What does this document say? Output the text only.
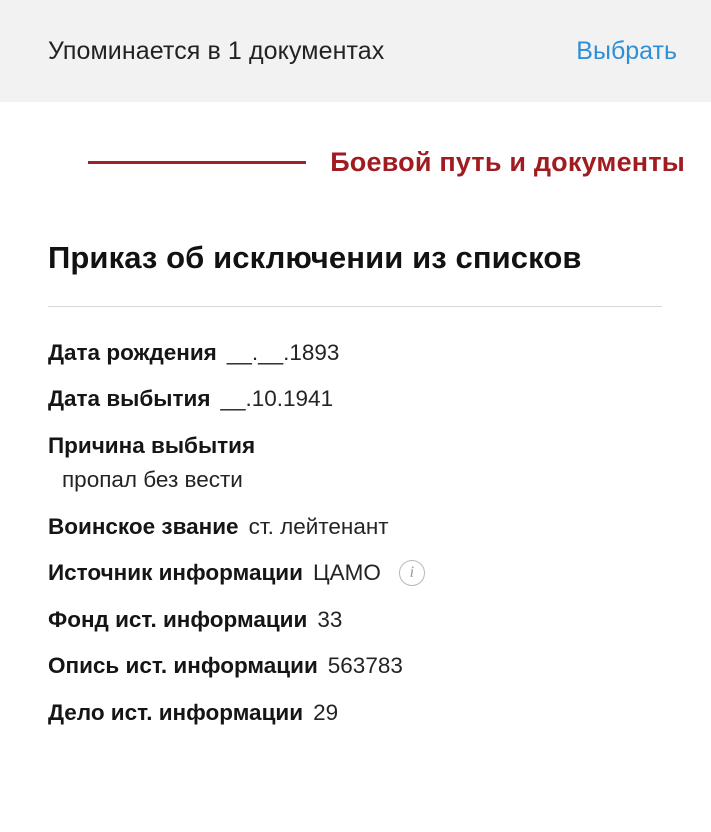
Упоминается в 1 документах	Выбрать
Боевой путь и документы
Приказ об исключении из списков
Дата рождения __.__.1893
Дата выбытия __.10.1941
Причина выбытия
пропал без вести
Воинское звание ст. лейтенант
Источник информации ЦАМО i
Фонд ист. информации 33
Опись ист. информации 563783
Дело ист. информации 29
